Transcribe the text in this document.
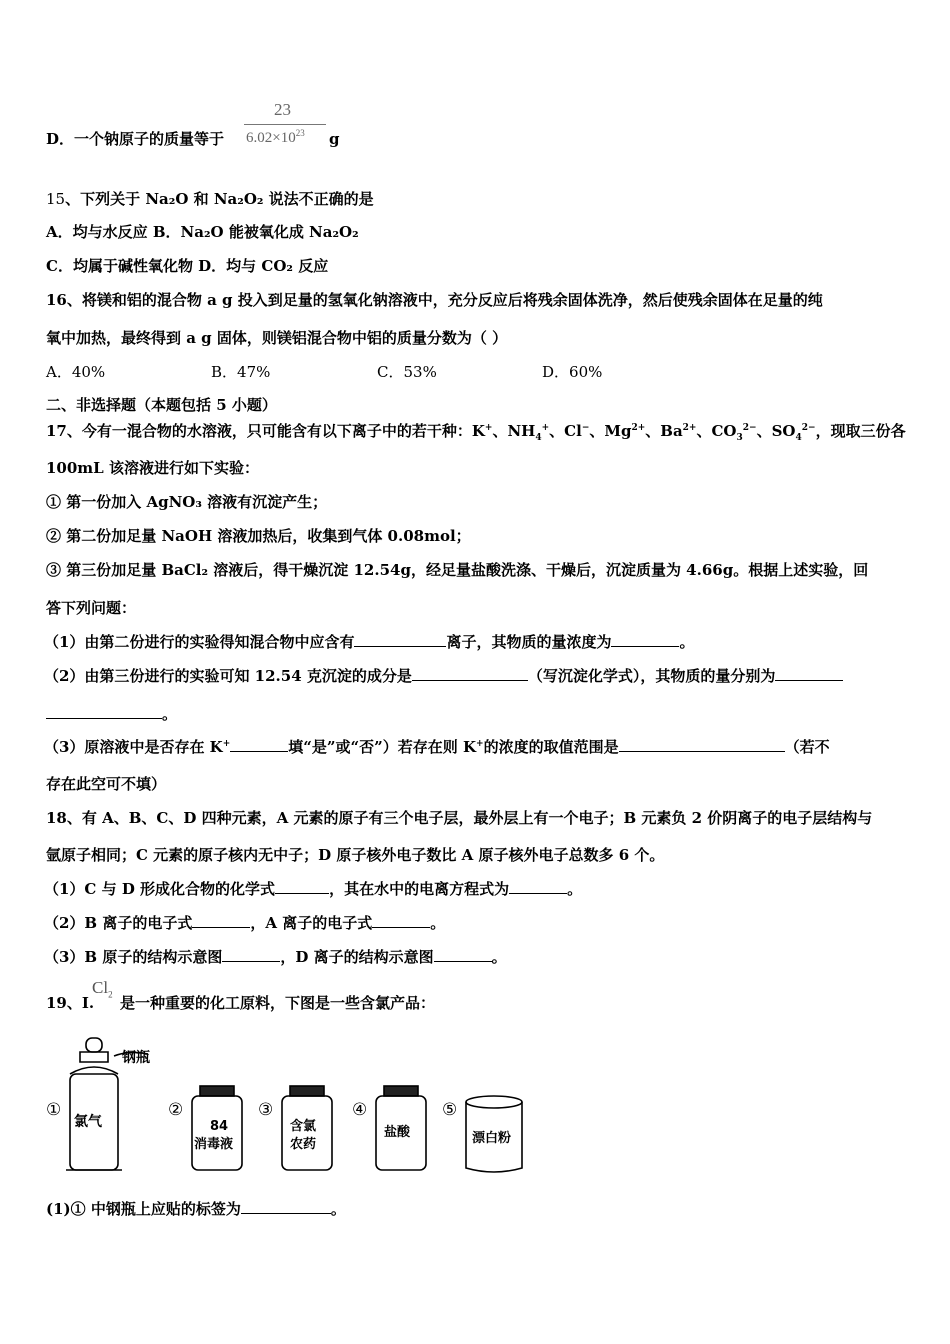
D．一个钠原子的质量等于
23
$6.02\times 10^{23}$ g
15、下列关于 Na₂O 和 Na₂O₂ 说法不正确的是
A．均与水反应 B．Na₂O 能被氧化成 Na₂O₂
C．均属于碱性氧化物 D．均与 CO₂ 反应
16、将镁和铝的混合物 a g 投入到足量的氢氧化钠溶液中，充分反应后将残余固体洗净，然后使残余固体在足量的纯
氧中加热，最终得到 a g 固体，则镁铝混合物中铝的质量分数为（ ）
A．40%	B．47%	C．53%	D．60%
二、非选择题（本题包括 5 小题）
17、今有一混合物的水溶液，只可能含有以下离子中的若干种：K+、$NH_4^+$、Cl−、$Mg^{2+}$、$Ba^{2+}$、$CO_3^{2-}$、$SO_4^{2-}$，现取三份各
100mL 该溶液进行如下实验：
① 第一份加入 AgNO₃ 溶液有沉淀产生；
② 第二份加足量 NaOH 溶液加热后，收集到气体 0.08mol；
③ 第三份加足量 BaCl₂ 溶液后，得干燥沉淀 12.54g，经足量盐酸洗涤、干燥后，沉淀质量为 4.66g。根据上述实验，回
答下列问题：
（1）由第二份进行的实验得知混合物中应含有	离子，其物质的量浓度为	。
（2）由第三份进行的实验可知 12.54 克沉淀的成分是	（写沉淀化学式），其物质的量分别为
。
（3）原溶液中是否存在 K+	填“是”或“否”）若存在则 K+的浓度的取值范围是	（若不
存在此空可不填）
18、有 A、B、C、D 四种元素，A 元素的原子有三个电子层，最外层上有一个电子；B 元素负 2 价阴离子的电子层结构与
氩原子相同；C 元素的原子核内无中子；D 原子核外电子数比 A 原子核外电子总数多 6 个。
（1）C 与 D 形成化合物的化学式	，其在水中的电离方程式为	。
（2）B 离子的电子式	，A 离子的电子式	。
（3）B 原子的结构示意图	，D 离子的结构示意图	。
19、I.
$Cl_2$ 是一种重要的化工原料，下图是一些含氯产品：
钢瓶
氯气	84
消毒液
含氯
农药
盐酸	漂白粉
①	②	③	④	⑤
(1)① 中钢瓶上应贴的标签为	。
